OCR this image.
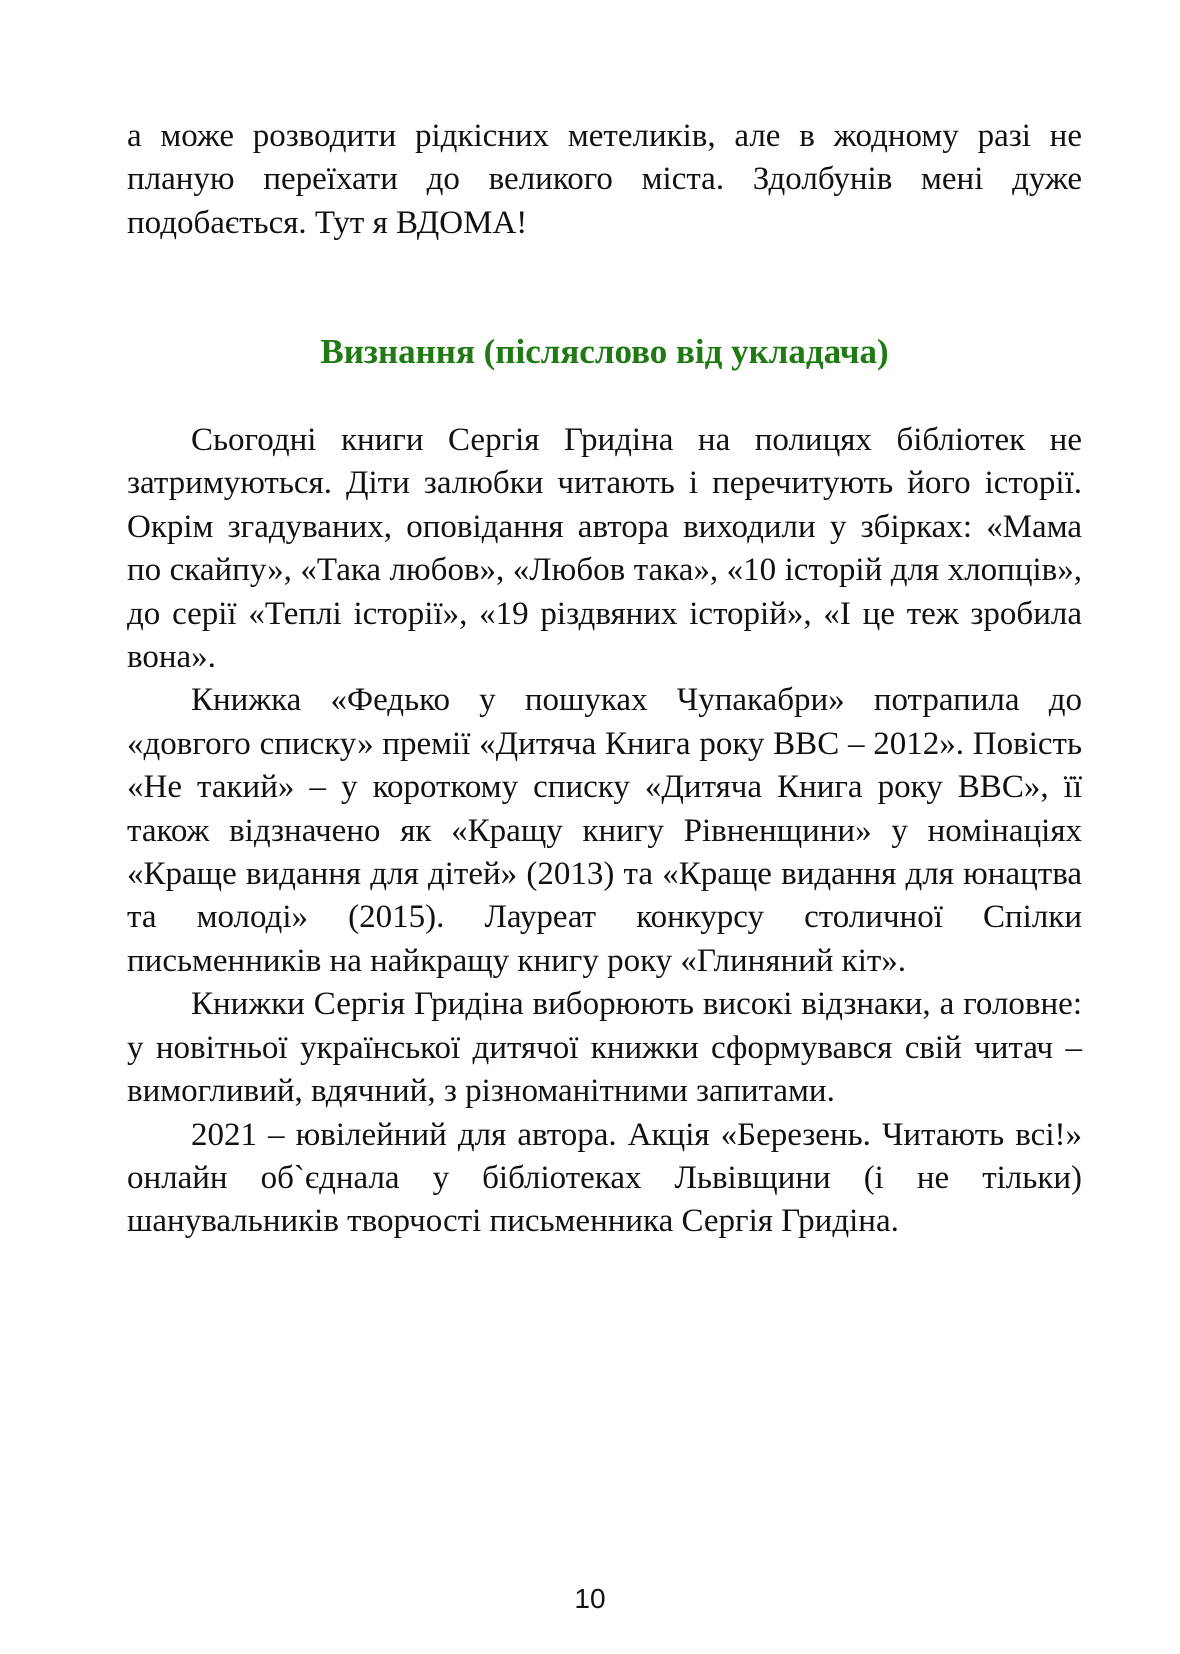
а може розводити рідкісних метеликів, але в жодному разі не планую переїхати до великого міста. Здолбунів мені дуже подобається. Тут я ВДОМА!

Визнання (післяслово від укладача)

Сьогодні книги Сергія Гридіна на полицях бібліотек не затримуються. Діти залюбки читають і перечитують його історії. Окрім згадуваних, оповідання автора виходили у збірках: «Мама по скайпу», «Така любов», «Любов така», «10 історій для хлопців», до серії «Теплі історії», «19 різдвяних історій», «І це теж зробила вона».

Книжка «Федько у пошуках Чупакабри» потрапила до «довгого списку» премії «Дитяча Книга року ВВС – 2012». Повість «Не такий» – у короткому списку «Дитяча Книга року ВВС», її також відзначено як «Кращу книгу Рівненщини» у номінаціях «Краще видання для дітей» (2013) та «Краще видання для юнацтва та молоді» (2015). Лауреат конкурсу столичної Спілки письменників на найкращу книгу року «Глиняний кіт».

Книжки Сергія Гридіна виборюють високі відзнаки, а головне: у новітньої української дитячої книжки сформувався свій читач – вимогливий, вдячний, з різноманітними запитами.

2021 – ювілейний для автора. Акція «Березень. Читають всі!» онлайн об`єднала у бібліотеках Львівщини (і не тільки) шанувальників творчості письменника Сергія Гридіна.

10
